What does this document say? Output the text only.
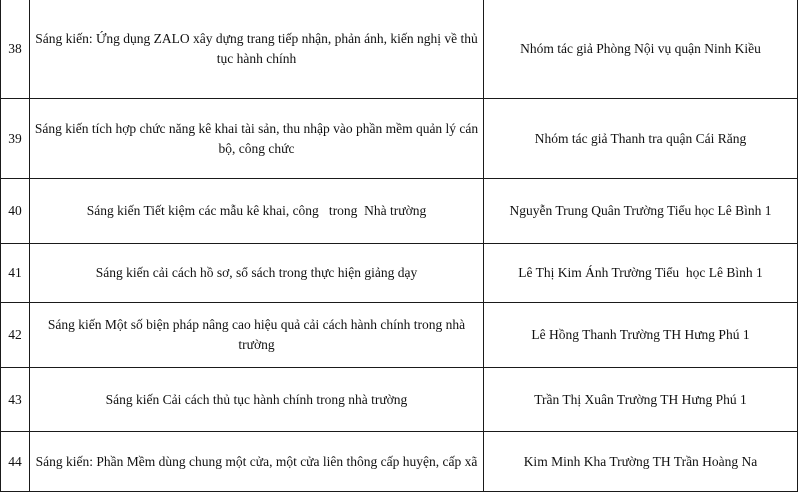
38	Sáng kiến: Ứng dụng ZALO xây dựng trang tiếp nhận, phản ánh, kiến nghị về thủ tục hành chính	Nhóm tác giả Phòng Nội vụ quận Ninh Kiều
39	Sáng kiến tích hợp chức năng kê khai tài sản, thu nhập vào phần mềm quản lý cán bộ, công chức	Nhóm tác giả Thanh tra quận Cái Răng
40	Sáng kiến Tiết kiệm các mẫu kê khai, công   trong  Nhà trường	Nguyễn Trung Quân Trường Tiểu học Lê Bình 1
41	Sáng kiến cải cách hồ sơ, sổ sách trong thực hiện giảng dạy	Lê Thị Kim Ánh Trường Tiểu  học Lê Bình 1
42	Sáng kiến Một số biện pháp nâng cao hiệu quả cải cách hành chính trong nhà trường	Lê Hồng Thanh Trường TH Hưng Phú 1
43	Sáng kiến Cải cách thủ tục hành chính trong nhà trường	Trần Thị Xuân Trường TH Hưng Phú 1
44	Sáng kiến: Phần Mềm dùng chung một cửa, một cửa liên thông cấp huyện, cấp xã	Kim Minh Kha Trường TH Trần Hoàng Na
